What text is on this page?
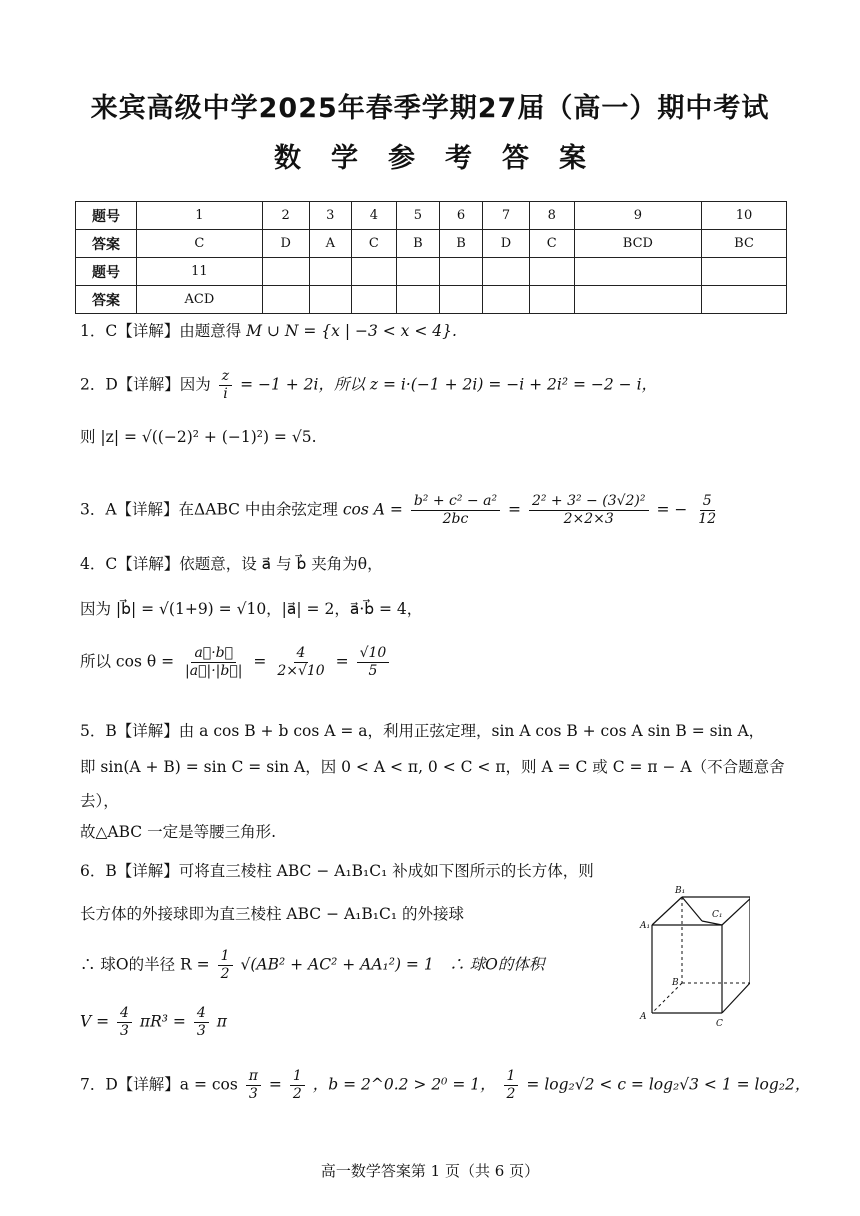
来宾高级中学2025年春季学期27届（高一）期中考试
数学参考答案
题号	1	2	3	4	5	6	7	8	9	10
答案	C	D	A	C	B	B	D	C	BCD	BC
题号	11									
答案	ACD									
1．C【详解】由题意得 M ∪ N = {x | −3 < x < 4}.
2．D【详解】因为 $\frac{z}{i} = -1 + 2i$，所以 z = i·(−1 + 2i) = −i + 2i² = −2 − i，
则 |z| = √((−2)² + (−1)²) = √5.
3．A【详解】在ΔABC 中由余弦定理 $\cos A = \frac{\text{b² + c² − a²}}{2bc} = \frac{\text{2² + 3² − (3√2)²}}{2\times 2\times 3}$ = − $\frac{5}{12}$
4．C【详解】依题意，设 a⃗ 与 b⃗ 夹角为θ，
因为 |b⃗| = √(1+9) = √10，|a⃗| = 2，a⃗·b⃗ = 4，
所以 $\cos \theta = \frac{a⃗\cdot b⃗}{|a⃗|\cdot|b⃗|} = \frac{4}{2\times√10} = \frac{√10}{5}$
5．B【详解】由 a cos B + b cos A = a，利用正弦定理，sin A cos B + cos A sin B = sin A，
即 sin(A + B) = sin C = sin A，因 0 < A < π, 0 < C < π，则 A = C 或 C = π − A（不合题意舍
去），
故△ABC 一定是等腰三角形.
6．B【详解】可将直三棱柱 ABC − A₁B₁C₁ 补成如下图所示的长方体，则
长方体的外接球即为直三棱柱 ABC − A₁B₁C₁ 的外接球
∴ 球O的半径 $R = \frac{1}{2} √(AB^2 + AC^2 + AA_1^2) = 1$　∴ 球O的体积
$V = \frac{4}{3} \pi R^3 = \frac{4}{3}$ π
B₁
A₁
C₁
B
A
C
7．D【详解】$a = \cos \frac{\pi}{3} = \frac{1}{2}$ ，b = 2^0.2 > 2⁰ = 1， $\frac{1}{2} = \log_2√2 < c = \log_2√3 < 1 = \log_22$，
高一数学答案第 1 页（共 6 页）
